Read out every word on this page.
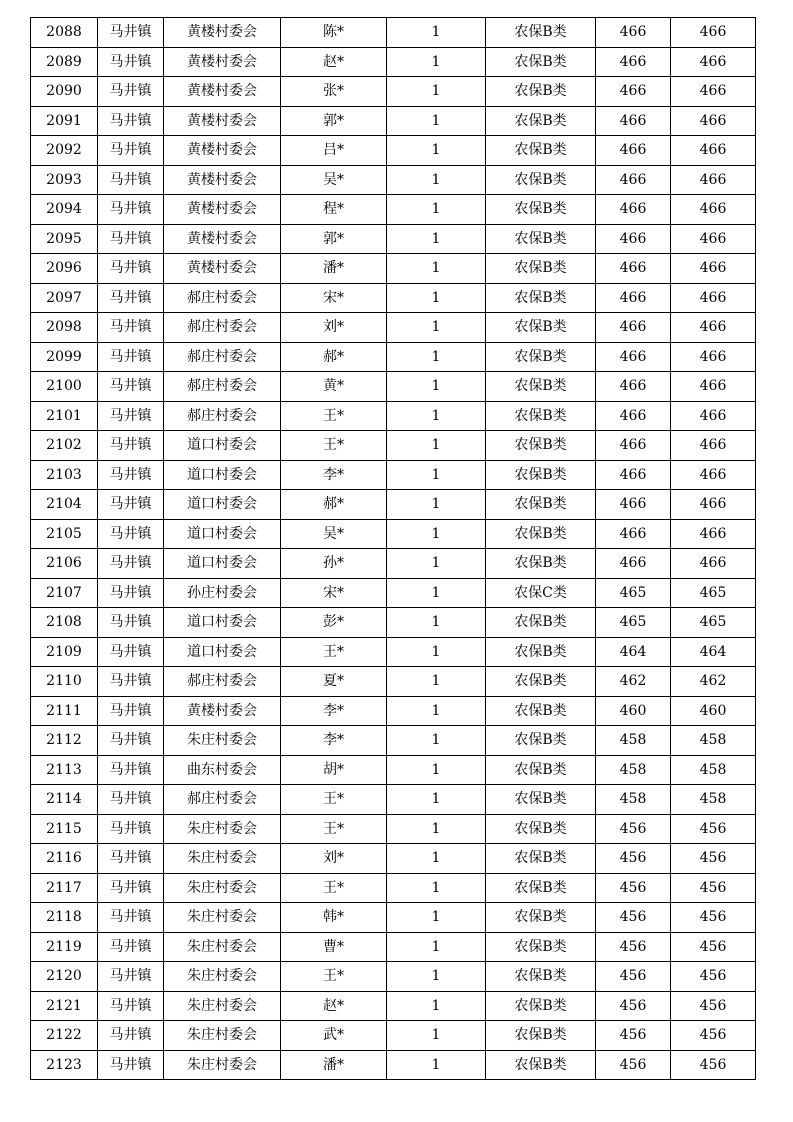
2088	马井镇	黄楼村委会	陈*	1	农保B类	466	466
2089	马井镇	黄楼村委会	赵*	1	农保B类	466	466
2090	马井镇	黄楼村委会	张*	1	农保B类	466	466
2091	马井镇	黄楼村委会	郭*	1	农保B类	466	466
2092	马井镇	黄楼村委会	吕*	1	农保B类	466	466
2093	马井镇	黄楼村委会	吴*	1	农保B类	466	466
2094	马井镇	黄楼村委会	程*	1	农保B类	466	466
2095	马井镇	黄楼村委会	郭*	1	农保B类	466	466
2096	马井镇	黄楼村委会	潘*	1	农保B类	466	466
2097	马井镇	郝庄村委会	宋*	1	农保B类	466	466
2098	马井镇	郝庄村委会	刘*	1	农保B类	466	466
2099	马井镇	郝庄村委会	郝*	1	农保B类	466	466
2100	马井镇	郝庄村委会	黄*	1	农保B类	466	466
2101	马井镇	郝庄村委会	王*	1	农保B类	466	466
2102	马井镇	道口村委会	王*	1	农保B类	466	466
2103	马井镇	道口村委会	李*	1	农保B类	466	466
2104	马井镇	道口村委会	郝*	1	农保B类	466	466
2105	马井镇	道口村委会	吴*	1	农保B类	466	466
2106	马井镇	道口村委会	孙*	1	农保B类	466	466
2107	马井镇	孙庄村委会	宋*	1	农保C类	465	465
2108	马井镇	道口村委会	彭*	1	农保B类	465	465
2109	马井镇	道口村委会	王*	1	农保B类	464	464
2110	马井镇	郝庄村委会	夏*	1	农保B类	462	462
2111	马井镇	黄楼村委会	李*	1	农保B类	460	460
2112	马井镇	朱庄村委会	李*	1	农保B类	458	458
2113	马井镇	曲东村委会	胡*	1	农保B类	458	458
2114	马井镇	郝庄村委会	王*	1	农保B类	458	458
2115	马井镇	朱庄村委会	王*	1	农保B类	456	456
2116	马井镇	朱庄村委会	刘*	1	农保B类	456	456
2117	马井镇	朱庄村委会	王*	1	农保B类	456	456
2118	马井镇	朱庄村委会	韩*	1	农保B类	456	456
2119	马井镇	朱庄村委会	曹*	1	农保B类	456	456
2120	马井镇	朱庄村委会	王*	1	农保B类	456	456
2121	马井镇	朱庄村委会	赵*	1	农保B类	456	456
2122	马井镇	朱庄村委会	武*	1	农保B类	456	456
2123	马井镇	朱庄村委会	潘*	1	农保B类	456	456
